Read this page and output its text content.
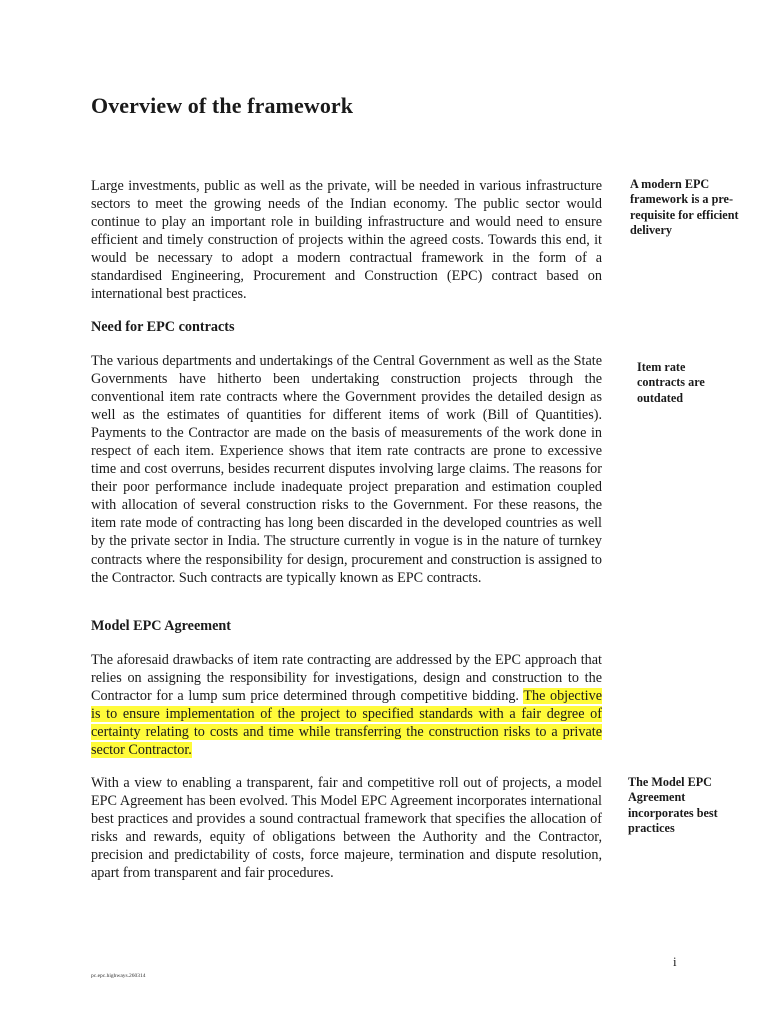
Overview of the framework

Large investments, public as well as the private, will be needed in various infrastructure sectors to meet the growing needs of the Indian economy. The public sector would continue to play an important role in building infrastructure and would need to ensure efficient and timely construction of projects within the agreed costs. Towards this end, it would be necessary to adopt a modern contractual framework in the form of a standardised Engineering, Procurement and Construction (EPC) contract based on international best practices.

A modern EPC framework is a pre-requisite for efficient delivery

Need for EPC contracts

The various departments and undertakings of the Central Government as well as the State Governments have hitherto been undertaking construction projects through the conventional item rate contracts where the Government provides the detailed design as well as the estimates of quantities for different items of work (Bill of Quantities). Payments to the Contractor are made on the basis of measurements of the work done in respect of each item. Experience shows that item rate contracts are prone to excessive time and cost overruns, besides recurrent disputes involving large claims. The reasons for their poor performance include inadequate project preparation and estimation coupled with allocation of several construction risks to the Government. For these reasons, the item rate mode of contracting has long been discarded in the developed countries as well by the private sector in India. The structure currently in vogue is in the nature of turnkey contracts where the responsibility for design, procurement and construction is assigned to the Contractor. Such contracts are typically known as EPC contracts.

Item rate contracts are outdated

Model EPC Agreement

The aforesaid drawbacks of item rate contracting are addressed by the EPC approach that relies on assigning the responsibility for investigations, design and construction to the Contractor for a lump sum price determined through competitive bidding. The objective is to ensure implementation of the project to specified standards with a fair degree of certainty relating to costs and time while transferring the construction risks to a private sector Contractor.

With a view to enabling a transparent, fair and competitive roll out of projects, a model EPC Agreement has been evolved. This Model EPC Agreement incorporates international best practices and provides a sound contractual framework that specifies the allocation of risks and rewards, equity of obligations between the Authority and the Contractor, precision and predictability of costs, force majeure, termination and dispute resolution, apart from transparent and fair procedures.

The Model EPC Agreement incorporates best practices

i

pc.epc.highways.260314
